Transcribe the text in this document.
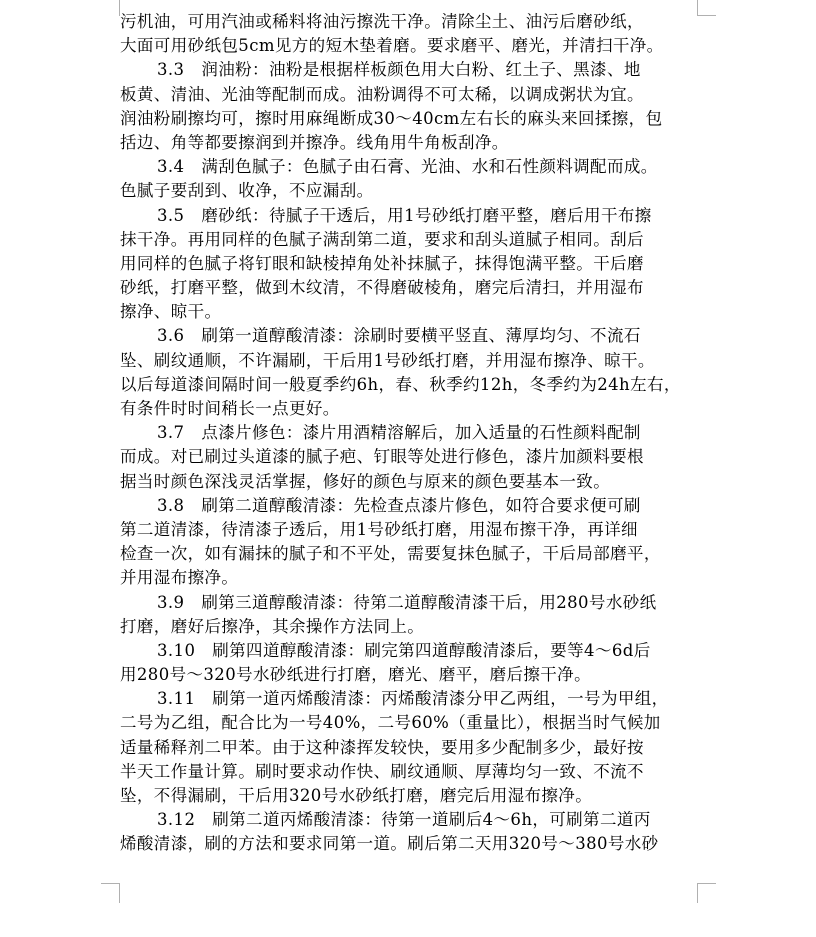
污机油，可用汽油或稀料将油污擦洗干净。清除尘土、油污后磨砂纸，
大面可用砂纸包5cm见方的短木垫着磨。要求磨平、磨光，并清扫干净。
3.3　润油粉：油粉是根据样板颜色用大白粉、红土子、黑漆、地
板黄、清油、光油等配制而成。油粉调得不可太稀，以调成粥状为宜。
润油粉刷擦均可，擦时用麻绳断成30～40cm左右长的麻头来回揉擦，包
括边、角等都要擦润到并擦净。线角用牛角板刮净。
3.4　满刮色腻子：色腻子由石膏、光油、水和石性颜料调配而成。
色腻子要刮到、收净，不应漏刮。
3.5　磨砂纸：待腻子干透后，用1号砂纸打磨平整，磨后用干布擦
抹干净。再用同样的色腻子满刮第二道，要求和刮头道腻子相同。刮后
用同样的色腻子将钉眼和缺棱掉角处补抹腻子，抹得饱满平整。干后磨
砂纸，打磨平整，做到木纹清，不得磨破棱角，磨完后清扫，并用湿布
擦净、晾干。
3.6　刷第一道醇酸清漆：涂刷时要横平竖直、薄厚均匀、不流石
坠、刷纹通顺，不许漏刷，干后用1号砂纸打磨，并用湿布擦净、晾干。
以后每道漆间隔时间一般夏季约6h，春、秋季约12h，冬季约为24h左右，
有条件时时间稍长一点更好。
3.7　点漆片修色：漆片用酒精溶解后，加入适量的石性颜料配制
而成。对已刷过头道漆的腻子疤、钉眼等处进行修色，漆片加颜料要根
据当时颜色深浅灵活掌握，修好的颜色与原来的颜色要基本一致。
3.8　刷第二道醇酸清漆：先检查点漆片修色，如符合要求便可刷
第二道清漆，待清漆子透后，用1号砂纸打磨，用湿布擦干净，再详细
检查一次，如有漏抹的腻子和不平处，需要复抹色腻子，干后局部磨平，
并用湿布擦净。
3.9　刷第三道醇酸清漆：待第二道醇酸清漆干后，用280号水砂纸
打磨，磨好后擦净，其余操作方法同上。
3.10　刷第四道醇酸清漆：刷完第四道醇酸清漆后，要等4～6d后
用280号～320号水砂纸进行打磨，磨光、磨平，磨后擦干净。
3.11　刷第一道丙烯酸清漆：丙烯酸清漆分甲乙两组，一号为甲组，
二号为乙组，配合比为一号40%，二号60%（重量比），根据当时气候加
适量稀释剂二甲苯。由于这种漆挥发较快，要用多少配制多少，最好按
半天工作量计算。刷时要求动作快、刷纹通顺、厚薄均匀一致、不流不
坠，不得漏刷，干后用320号水砂纸打磨，磨完后用湿布擦净。
3.12　刷第二道丙烯酸清漆：待第一道刷后4～6h，可刷第二道丙
烯酸清漆，刷的方法和要求同第一道。刷后第二天用320号～380号水砂
